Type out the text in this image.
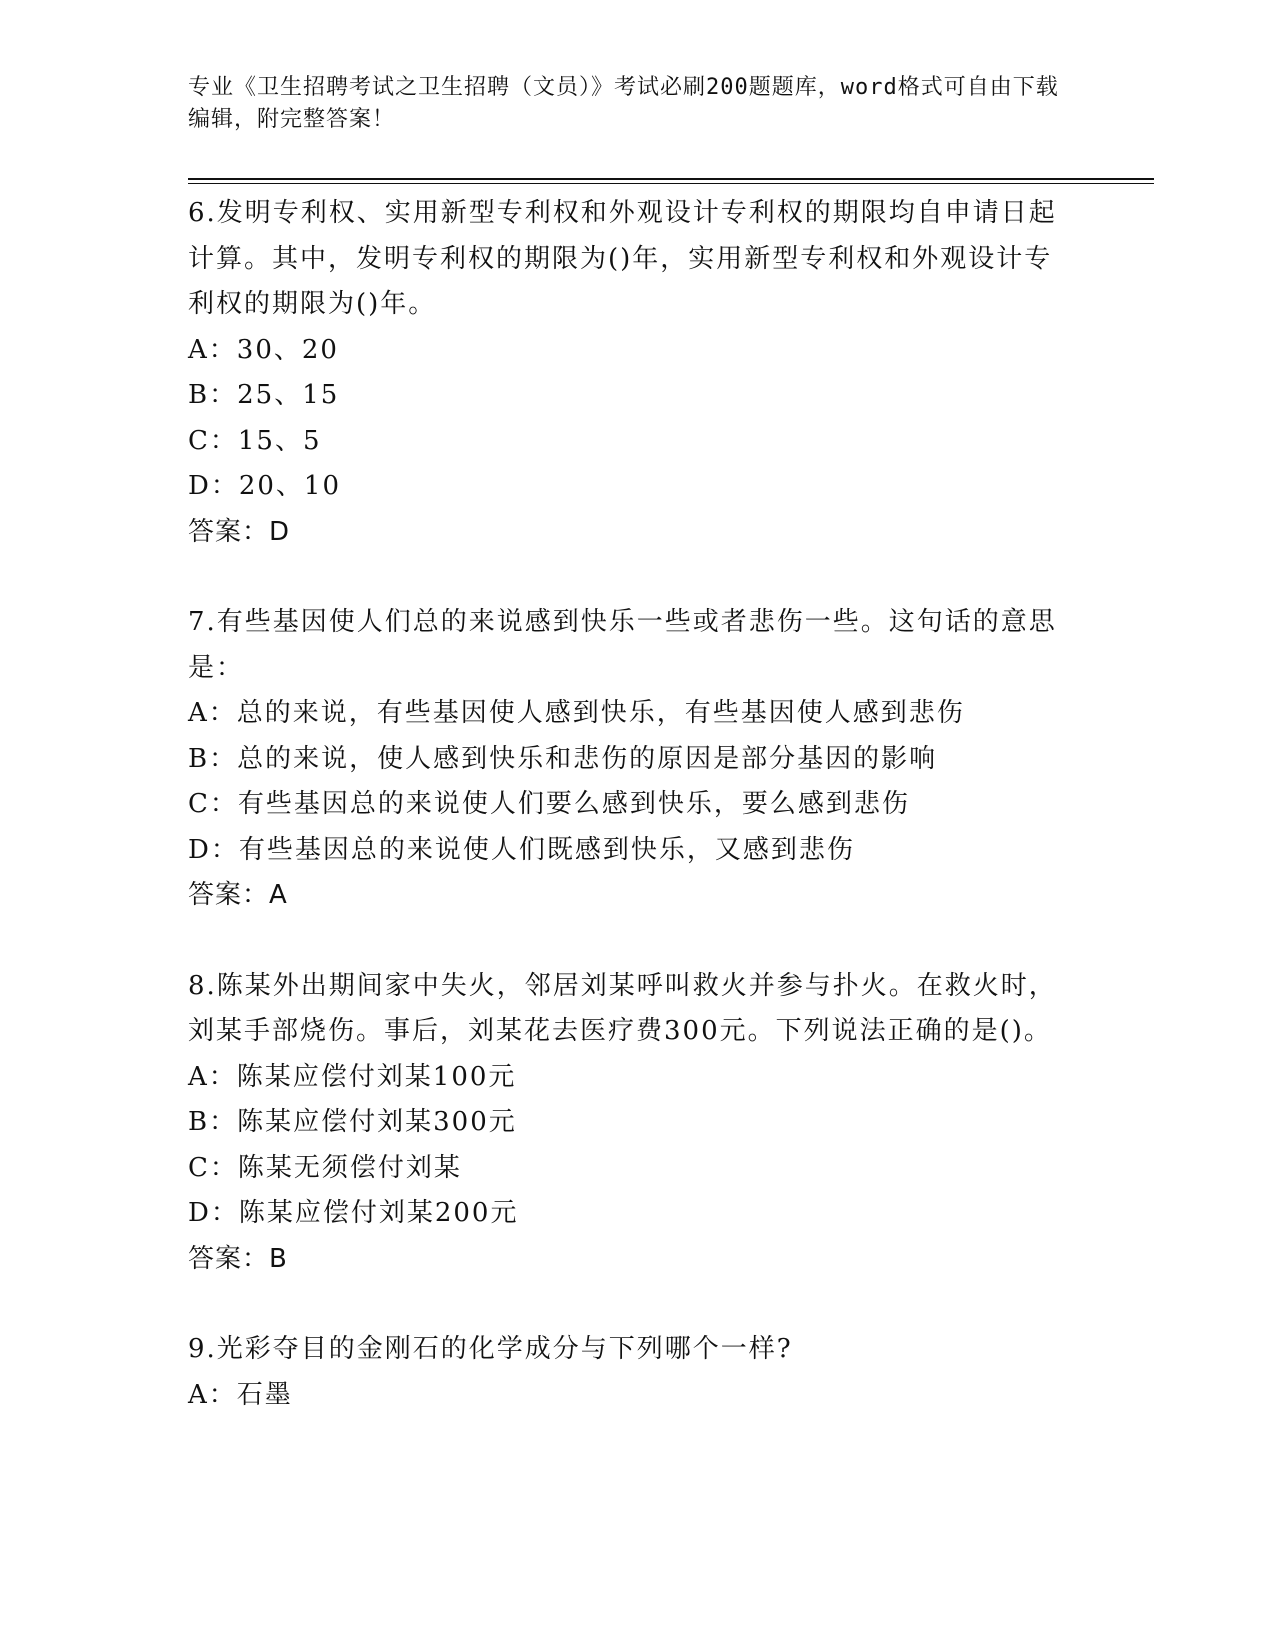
专业《卫生招聘考试之卫生招聘（文员）》考试必刷200题题库，word格式可自由下载编辑，附完整答案！

6.发明专利权、实用新型专利权和外观设计专利权的期限均自申请日起计算。其中，发明专利权的期限为()年，实用新型专利权和外观设计专利权的期限为()年。

A：30、20

B：25、15

C：15、5

D：20、10

答案：D

7.有些基因使人们总的来说感到快乐一些或者悲伤一些。这句话的意思是：

A：总的来说，有些基因使人感到快乐，有些基因使人感到悲伤

B：总的来说，使人感到快乐和悲伤的原因是部分基因的影响

C：有些基因总的来说使人们要么感到快乐，要么感到悲伤

D：有些基因总的来说使人们既感到快乐，又感到悲伤

答案：A

8.陈某外出期间家中失火，邻居刘某呼叫救火并参与扑火。在救火时，刘某手部烧伤。事后，刘某花去医疗费300元。下列说法正确的是()。

A：陈某应偿付刘某100元

B：陈某应偿付刘某300元

C：陈某无须偿付刘某

D：陈某应偿付刘某200元

答案：B

9.光彩夺目的金刚石的化学成分与下列哪个一样?

A：石墨
